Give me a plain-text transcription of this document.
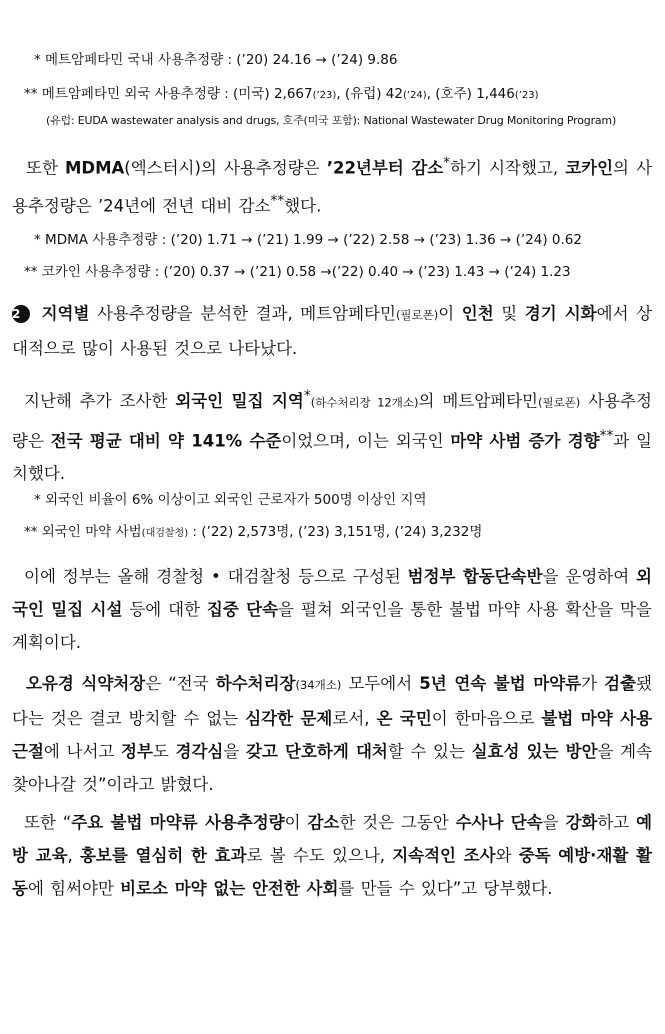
* 메트암페타민 국내 사용추정량 : (’20) 24.16 → (’24) 9.86
** 메트암페타민 외국 사용추정량 : (미국) 2,667(’23), (유럽) 42(’24), (호주) 1,446(’23)
(유럽: EUDA wastewater analysis and drugs, 호주(미국 포함): National Wastewater Drug Monitoring Program)
또한 MDMA(엑스터시)의 사용추정량은 ’22년부터 감소*하기 시작했고, 코카인의 사용추정량은 ’24년에 전년 대비 감소**했다.
* MDMA 사용추정량 : (’20) 1.71 → (’21) 1.99 → (’22) 2.58 → (’23) 1.36 → (’24) 0.62
** 코카인 사용추정량 : (’20) 0.37 → (’21) 0.58 →(’22) 0.40 → (’23) 1.43 → (’24) 1.23
2 지역별 사용추정량을 분석한 결과, 메트암페타민(필로폰)이 인천 및 경기 시화에서 상대적으로 많이 사용된 것으로 나타났다.
지난해 추가 조사한 외국인 밀집 지역*(하수처리장 12개소)의 메트암페타민(필로폰) 사용추정량은 전국 평균 대비 약 141% 수준이었으며, 이는 외국인 마약 사범 증가 경향**과 일치했다.
* 외국인 비율이 6% 이상이고 외국인 근로자가 500명 이상인 지역
** 외국인 마약 사범(대검찰청) : (’22) 2,573명, (’23) 3,151명, (’24) 3,232명
이에 정부는 올해 경찰청 • 대검찰청 등으로 구성된 범정부 합동단속반을 운영하여 외국인 밀집 시설 등에 대한 집중 단속을 펼쳐 외국인을 통한 불법 마약 사용 확산을 막을 계획이다.
오유경 식약처장은 “전국 하수처리장(34개소) 모두에서 5년 연속 불법 마약류가 검출됐다는 것은 결코 방치할 수 없는 심각한 문제로서, 온 국민이 한마음으로 불법 마약 사용 근절에 나서고 정부도 경각심을 갖고 단호하게 대처할 수 있는 실효성 있는 방안을 계속 찾아나갈 것”이라고 밝혔다.
또한 “주요 불법 마약류 사용추정량이 감소한 것은 그동안 수사나 단속을 강화하고 예방 교육, 홍보를 열심히 한 효과로 볼 수도 있으나, 지속적인 조사와 중독 예방·재활 활동에 힘써야만 비로소 마약 없는 안전한 사회를 만들 수 있다”고 당부했다.
